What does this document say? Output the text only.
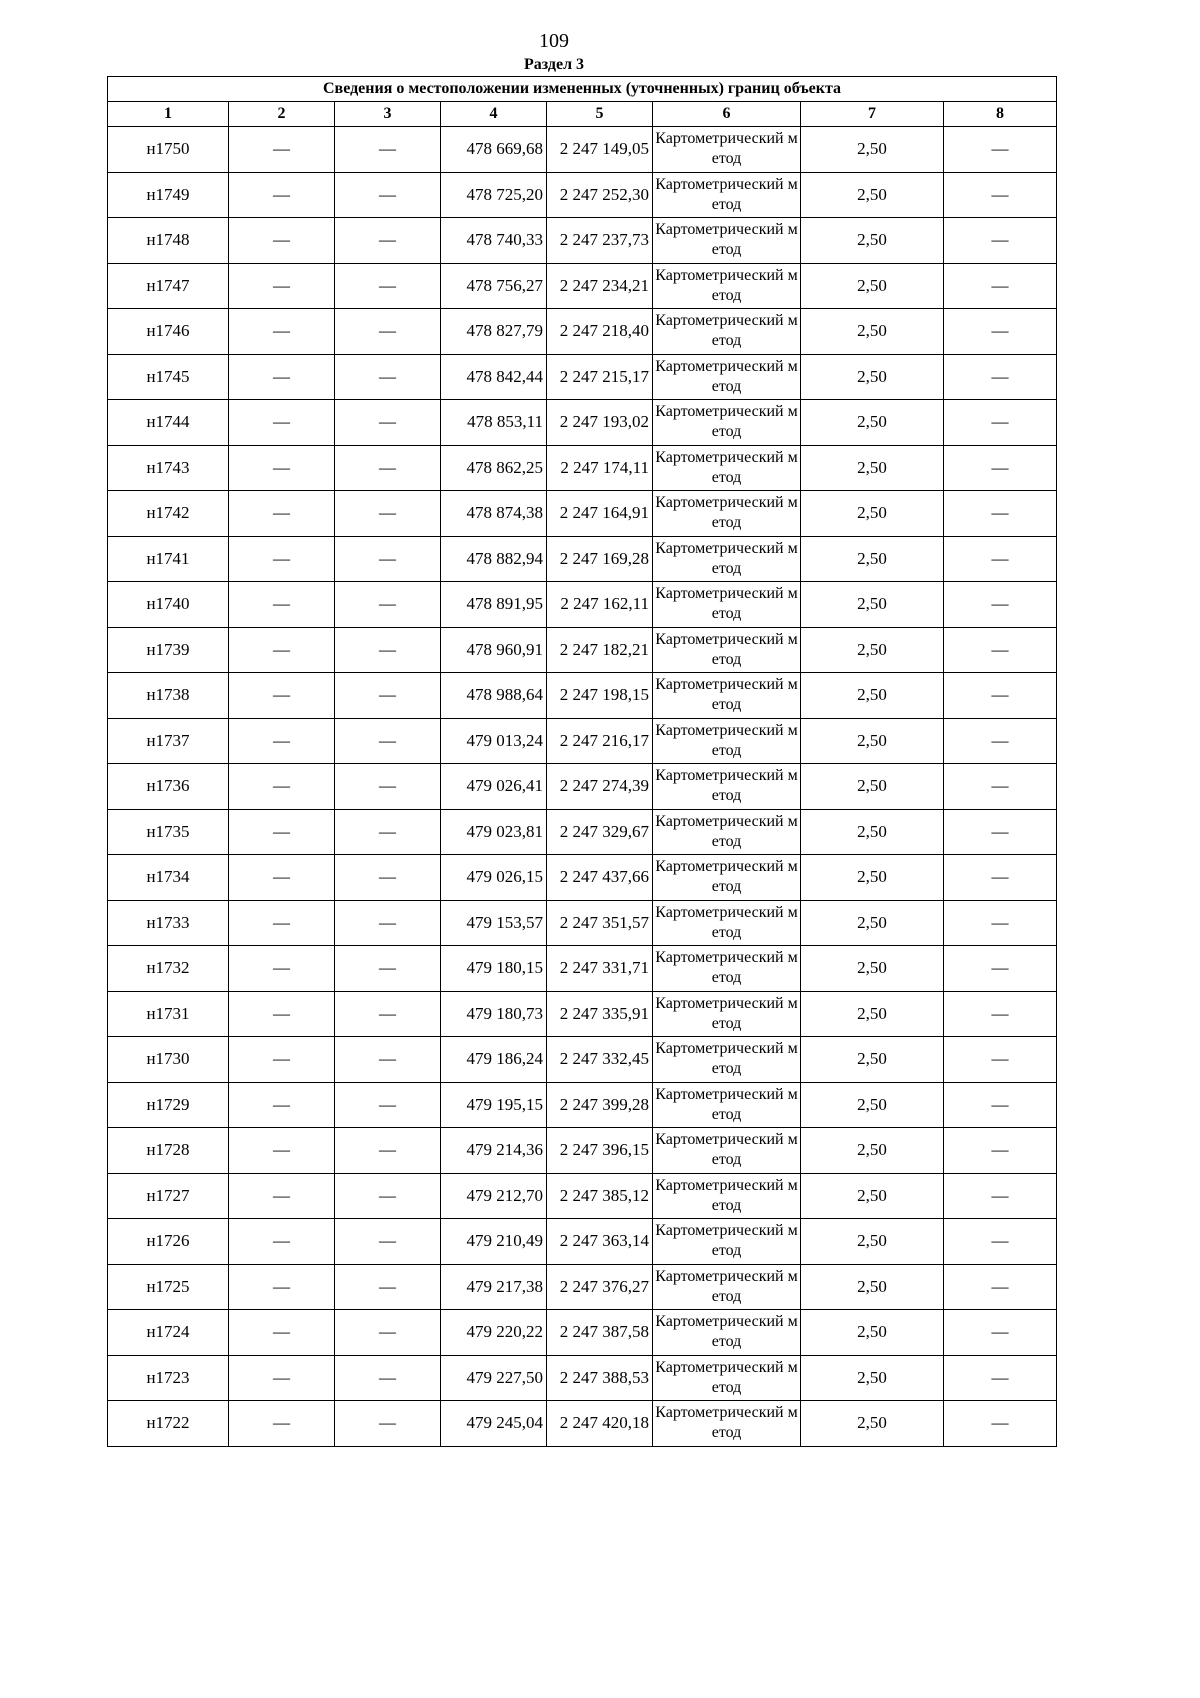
109
Раздел 3
Сведения о местоположении измененных (уточненных) границ объекта							
1	2	3	4	5	6	7	8
н1750	—	—	478 669,68	2 247 149,05	Картометрический метод	2,50	—
н1749	—	—	478 725,20	2 247 252,30	Картометрический метод	2,50	—
н1748	—	—	478 740,33	2 247 237,73	Картометрический метод	2,50	—
н1747	—	—	478 756,27	2 247 234,21	Картометрический метод	2,50	—
н1746	—	—	478 827,79	2 247 218,40	Картометрический метод	2,50	—
н1745	—	—	478 842,44	2 247 215,17	Картометрический метод	2,50	—
н1744	—	—	478 853,11	2 247 193,02	Картометрический метод	2,50	—
н1743	—	—	478 862,25	2 247 174,11	Картометрический метод	2,50	—
н1742	—	—	478 874,38	2 247 164,91	Картометрический метод	2,50	—
н1741	—	—	478 882,94	2 247 169,28	Картометрический метод	2,50	—
н1740	—	—	478 891,95	2 247 162,11	Картометрический метод	2,50	—
н1739	—	—	478 960,91	2 247 182,21	Картометрический метод	2,50	—
н1738	—	—	478 988,64	2 247 198,15	Картометрический метод	2,50	—
н1737	—	—	479 013,24	2 247 216,17	Картометрический метод	2,50	—
н1736	—	—	479 026,41	2 247 274,39	Картометрический метод	2,50	—
н1735	—	—	479 023,81	2 247 329,67	Картометрический метод	2,50	—
н1734	—	—	479 026,15	2 247 437,66	Картометрический метод	2,50	—
н1733	—	—	479 153,57	2 247 351,57	Картометрический метод	2,50	—
н1732	—	—	479 180,15	2 247 331,71	Картометрический метод	2,50	—
н1731	—	—	479 180,73	2 247 335,91	Картометрический метод	2,50	—
н1730	—	—	479 186,24	2 247 332,45	Картометрический метод	2,50	—
н1729	—	—	479 195,15	2 247 399,28	Картометрический метод	2,50	—
н1728	—	—	479 214,36	2 247 396,15	Картометрический метод	2,50	—
н1727	—	—	479 212,70	2 247 385,12	Картометрический метод	2,50	—
н1726	—	—	479 210,49	2 247 363,14	Картометрический метод	2,50	—
н1725	—	—	479 217,38	2 247 376,27	Картометрический метод	2,50	—
н1724	—	—	479 220,22	2 247 387,58	Картометрический метод	2,50	—
н1723	—	—	479 227,50	2 247 388,53	Картометрический метод	2,50	—
н1722	—	—	479 245,04	2 247 420,18	Картометрический метод	2,50	—
